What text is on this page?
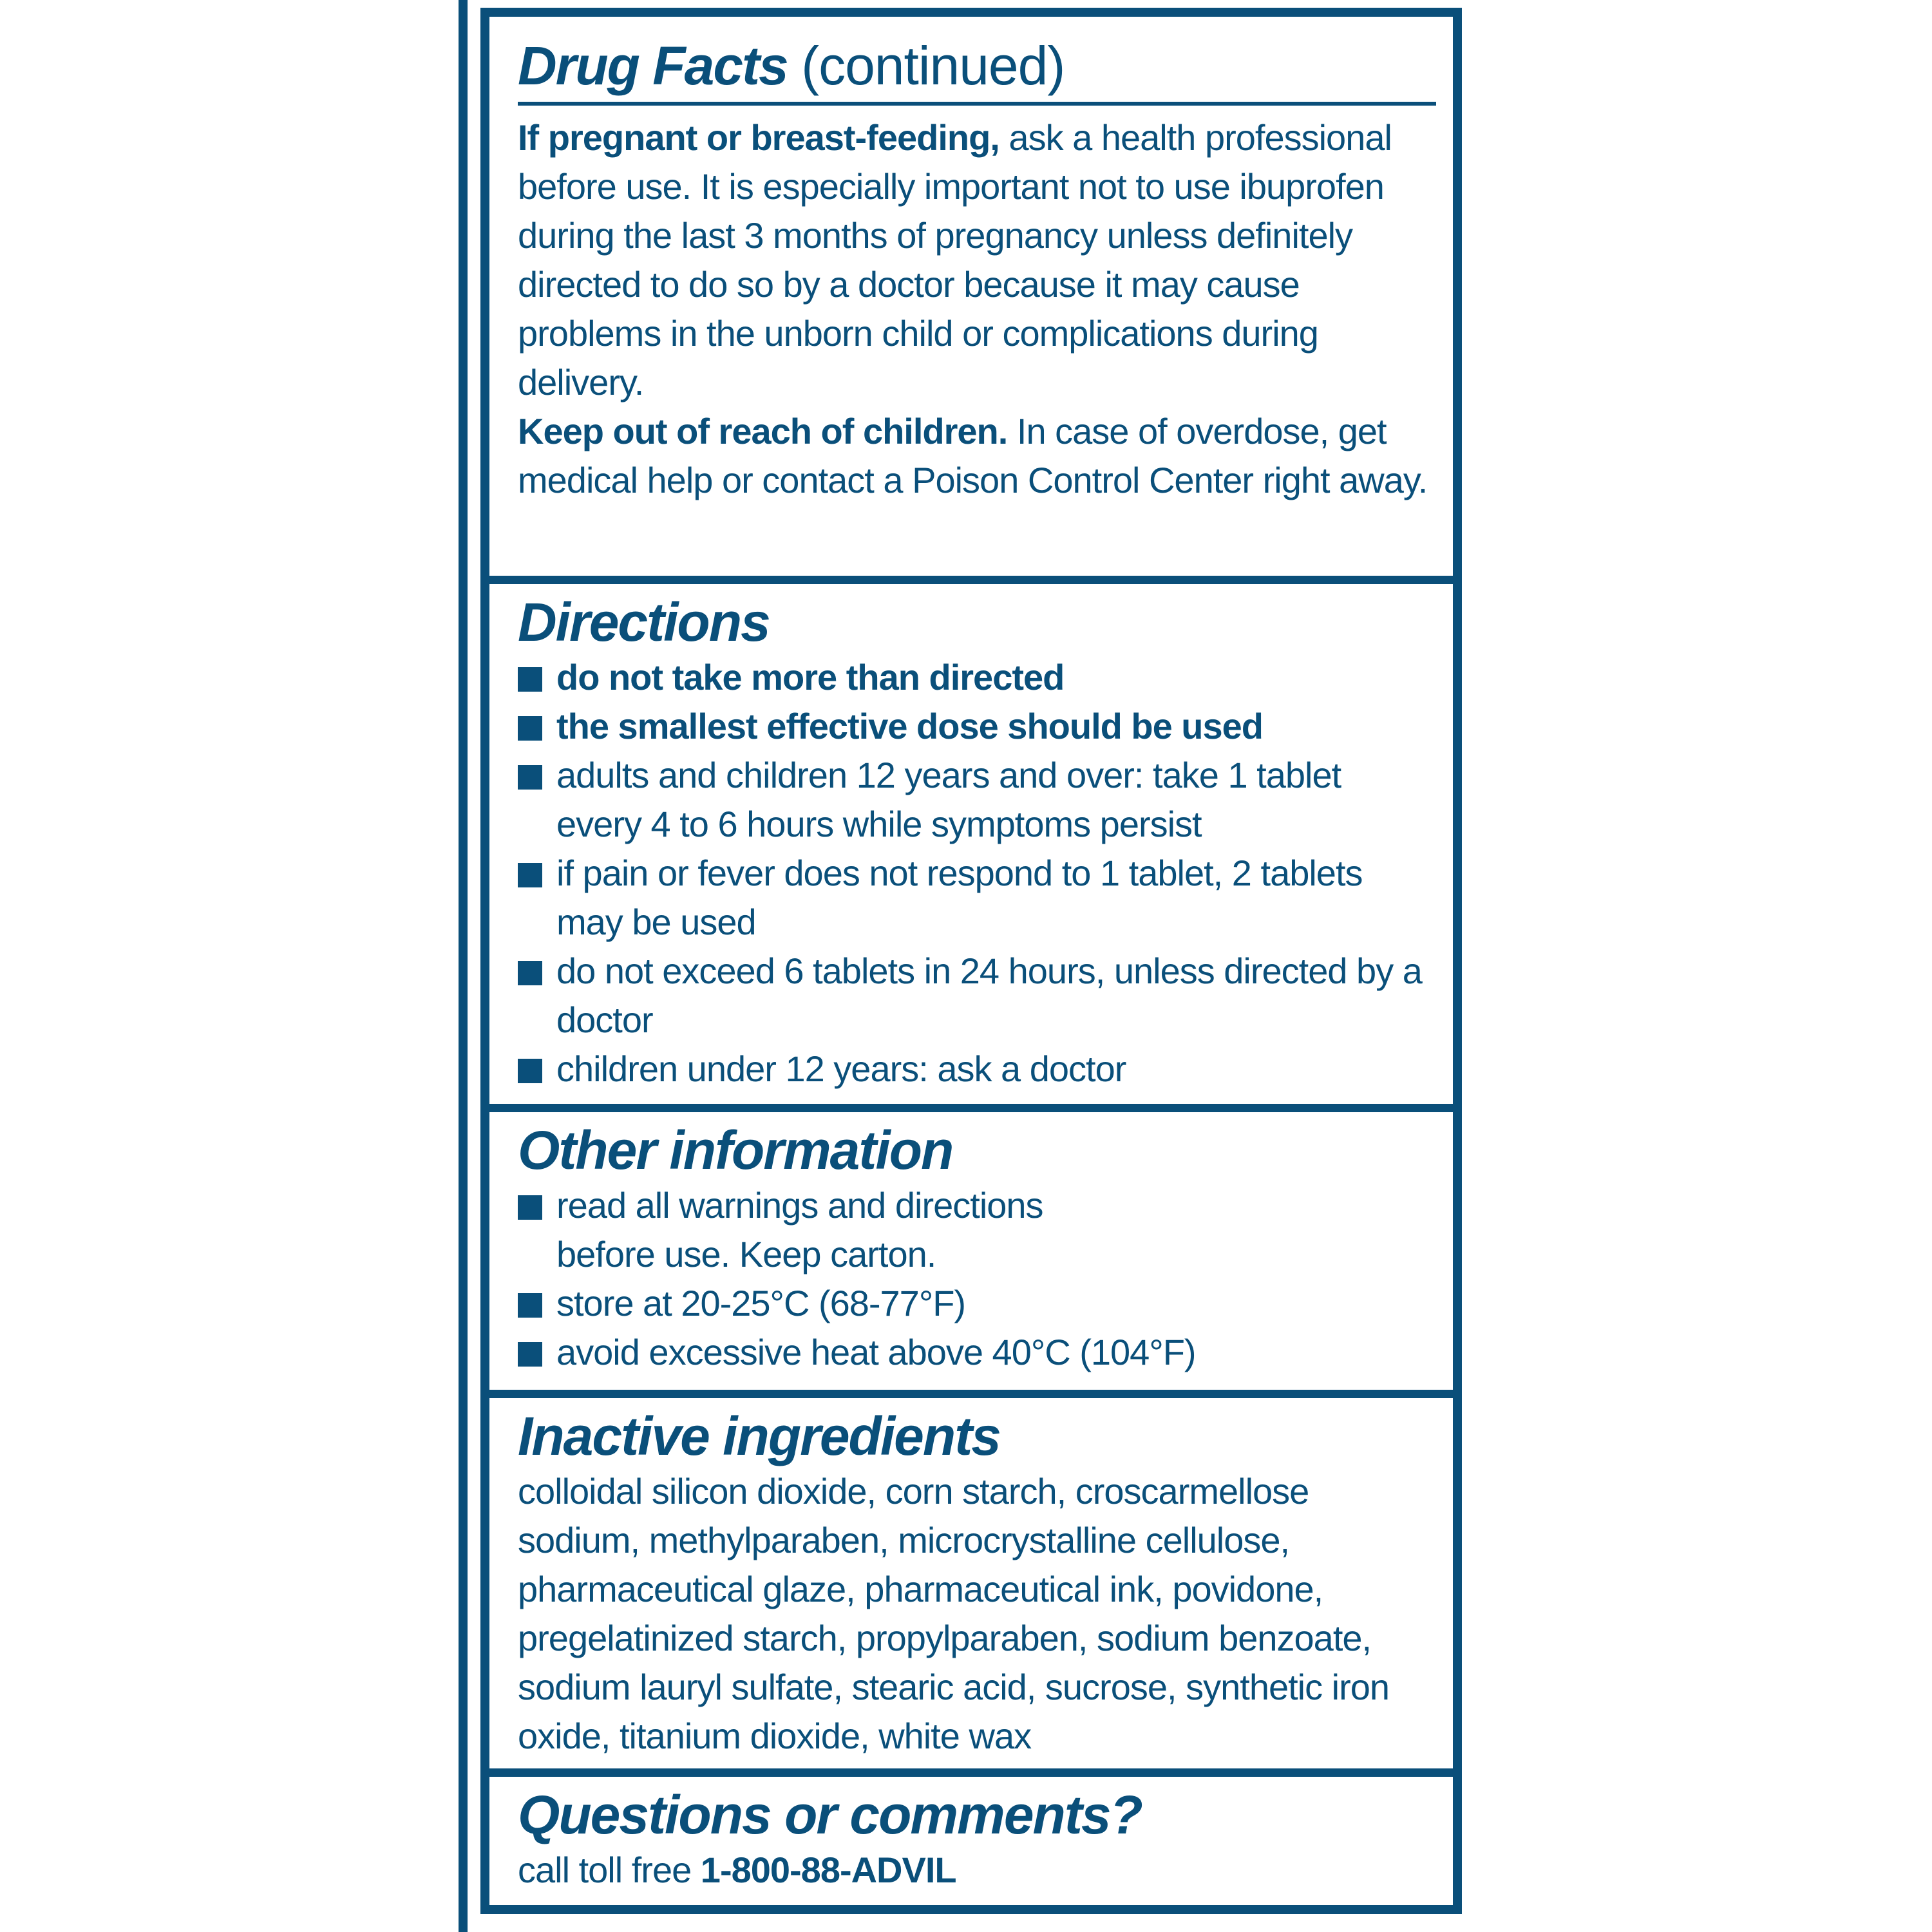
Drug Facts (continued)
If pregnant or breast-feeding, ask a health professional before use. It is especially important not to use ibuprofen during the last 3 months of pregnancy unless definitely directed to do so by a doctor because it may cause problems in the unborn child or complications during delivery.
Keep out of reach of children. In case of overdose, get medical help or contact a Poison Control Center right away.
Directions
do not take more than directed
the smallest effective dose should be used
adults and children 12 years and over: take 1 tablet every 4 to 6 hours while symptoms persist
if pain or fever does not respond to 1 tablet, 2 tablets may be used
do not exceed 6 tablets in 24 hours, unless directed by a doctor
children under 12 years: ask a doctor
Other information
read all warnings and directions before use. Keep carton.
store at 20-25°C (68-77°F)
avoid excessive heat above 40°C (104°F)
Inactive ingredients
colloidal silicon dioxide, corn starch, croscarmellose sodium, methylparaben, microcrystalline cellulose, pharmaceutical glaze, pharmaceutical ink, povidone, pregelatinized starch, propylparaben, sodium benzoate, sodium lauryl sulfate, stearic acid, sucrose, synthetic iron oxide, titanium dioxide, white wax
Questions or comments?
call toll free 1-800-88-ADVIL
